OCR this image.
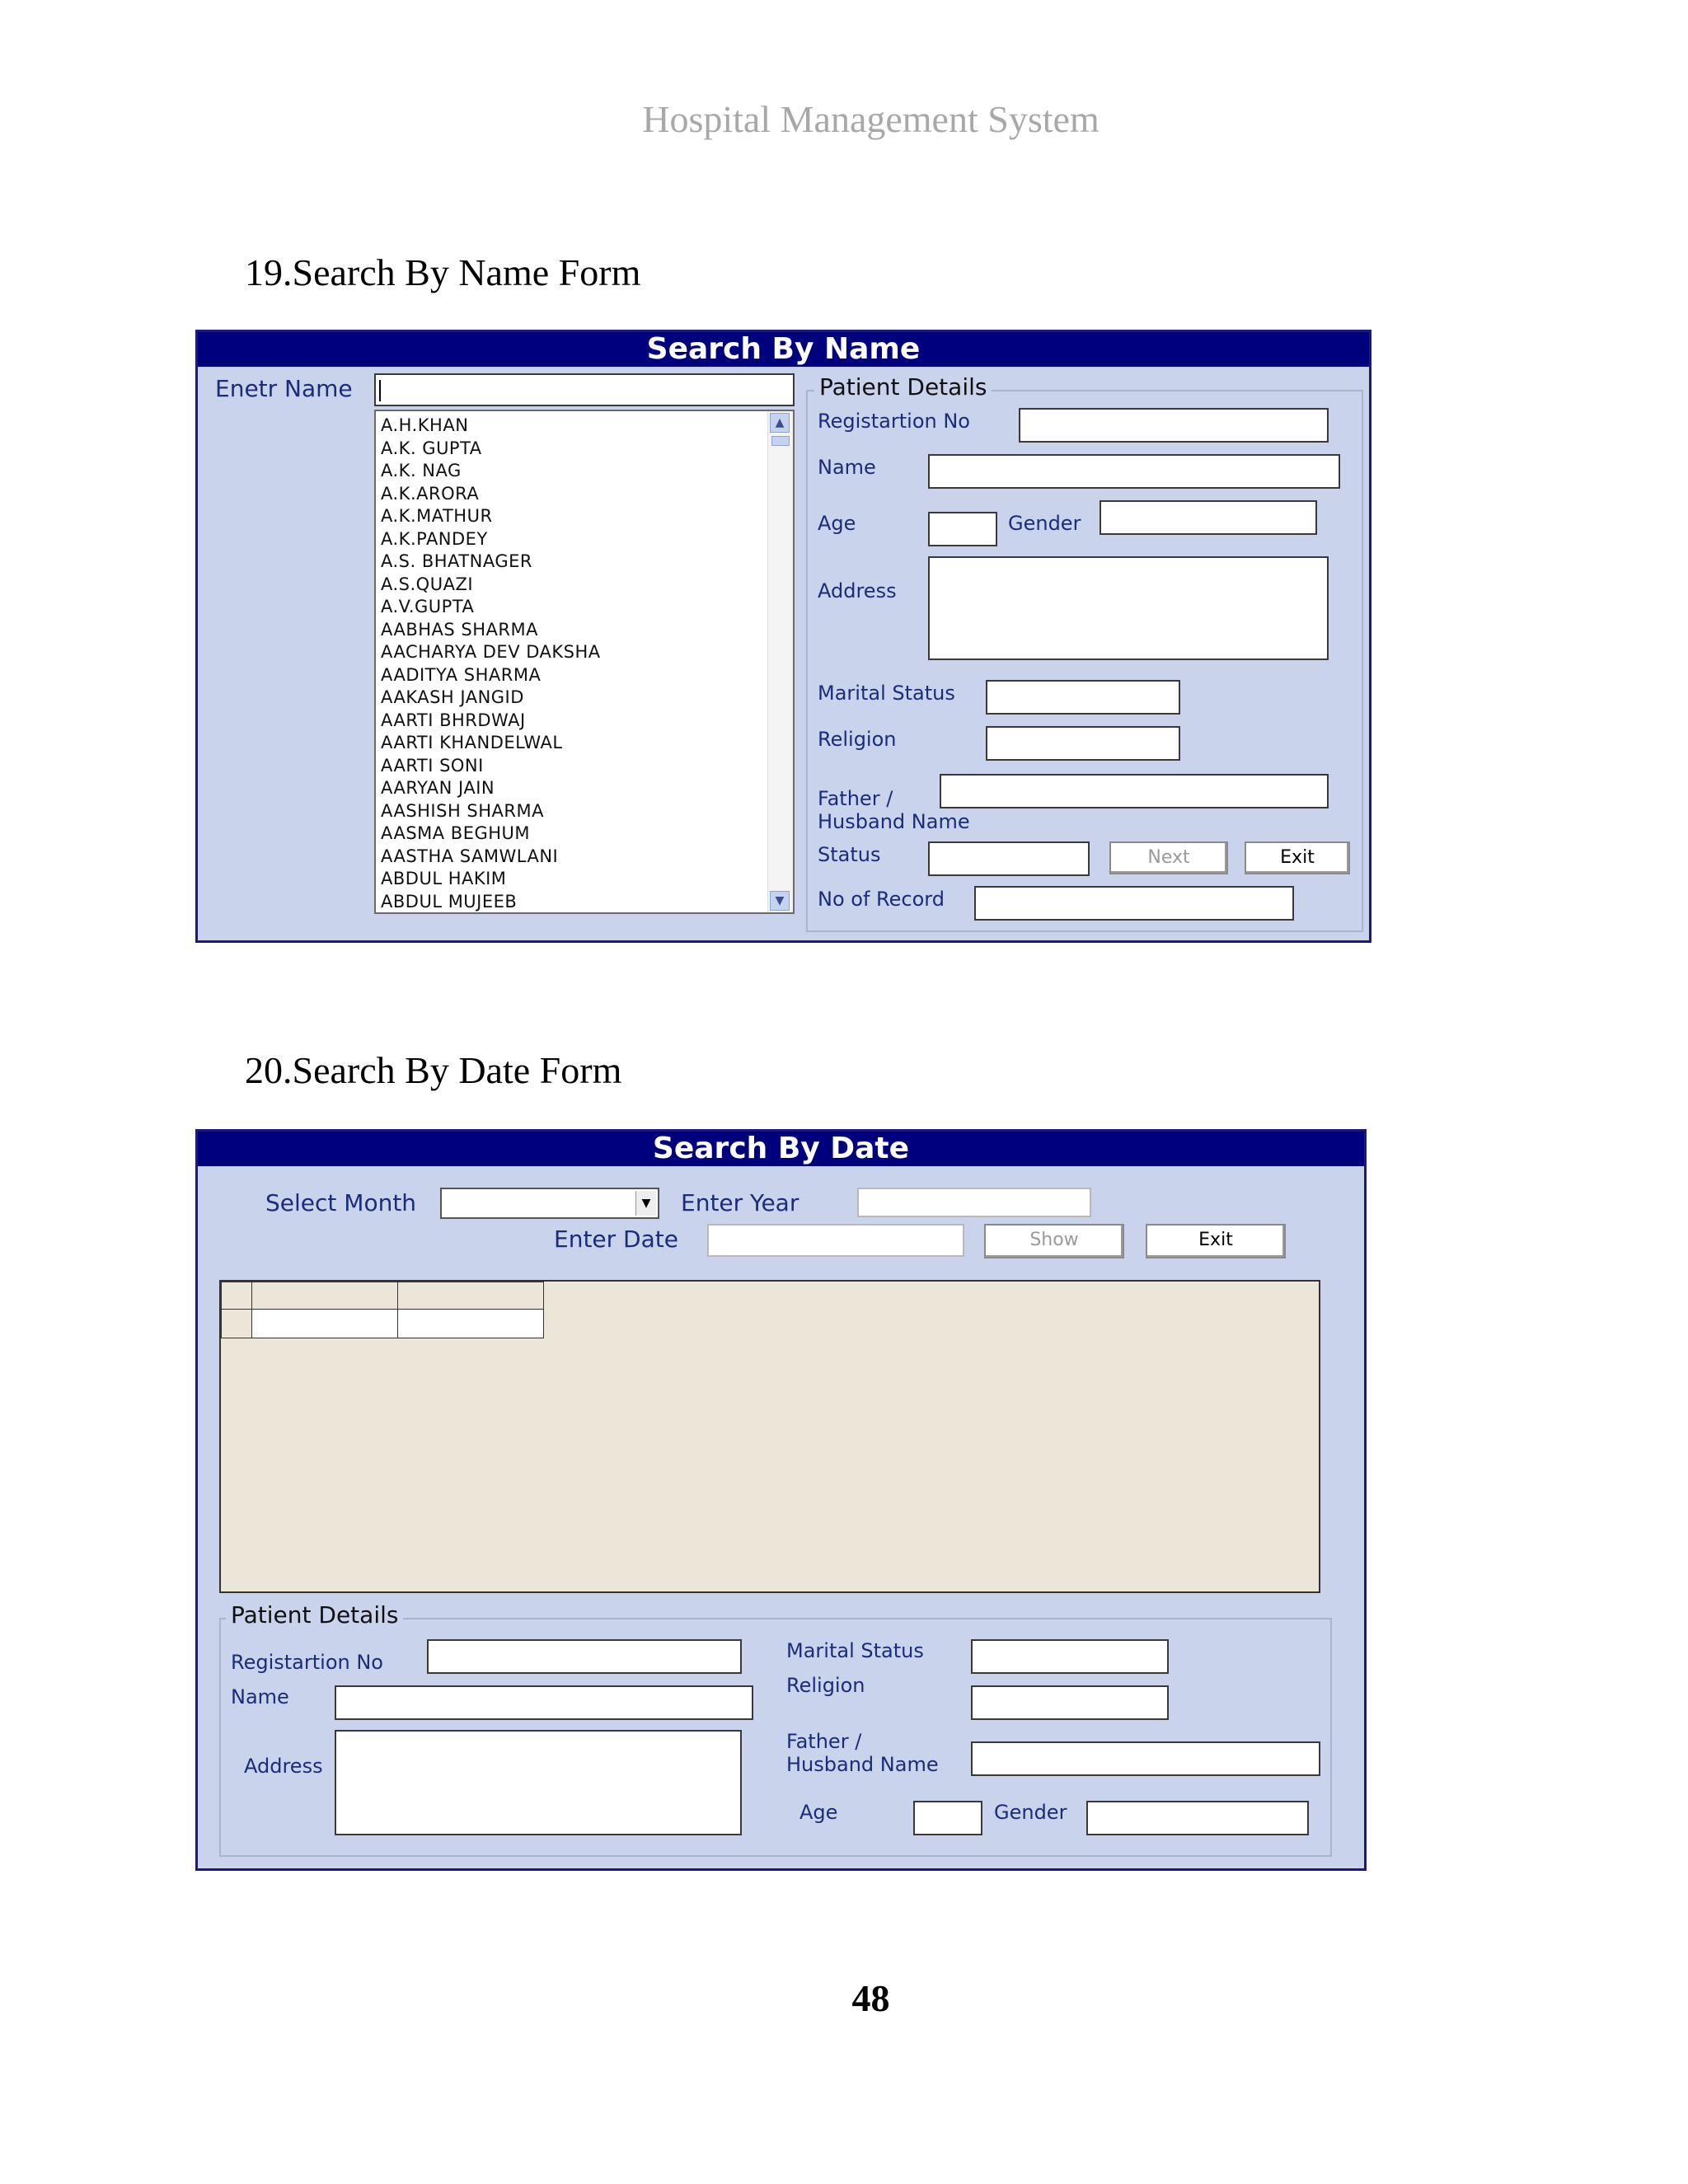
Hospital Management System
19.Search By Name Form
20.Search By Date Form
48
Search By Name
Enetr Name
A.H.KHAN
A.K. GUPTA
A.K. NAG
A.K.ARORA
A.K.MATHUR
A.K.PANDEY
A.S. BHATNAGER
A.S.QUAZI
A.V.GUPTA
AABHAS SHARMA
AACHARYA DEV DAKSHA
AADITYA SHARMA
AAKASH JANGID
AARTI BHRDWAJ
AARTI KHANDELWAL
AARTI SONI
AARYAN JAIN
AASHISH SHARMA
AASMA BEGHUM
AASTHA SAMWLANI
ABDUL HAKIM
ABDUL MUJEEB
▲
▼
Patient Details
Registartion No
Name
Age	Gender
Address
Marital Status
Religion
Father /
Husband Name
Status	Next	Exit
No of Record
Search By Date
Select Month	▼ Enter Year
Enter Date	Show	Exit
Patient Details
Registartion No
Name
Address
Marital Status
Religion
Father /
Husband Name
Age	Gender
